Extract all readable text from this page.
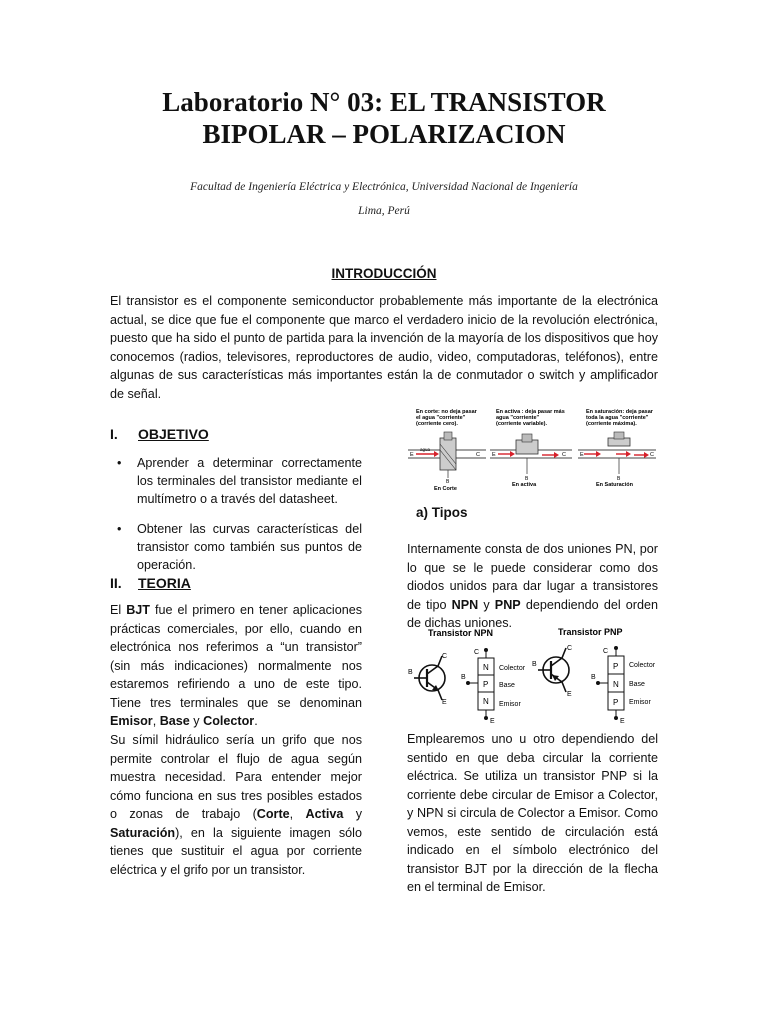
Laboratorio N° 03: EL TRANSISTOR
BIPOLAR – POLARIZACION
Facultad de Ingeniería Eléctrica y Electrónica, Universidad Nacional de Ingeniería
Lima, Perú
INTRODUCCIÓN
El transistor es el componente semiconductor probablemente más importante de la electrónica actual, se dice que fue el componente que marco el verdadero inicio de la revolución electrónica, puesto que ha sido el punto de partida para la invención de la mayoría de los dispositivos que hoy conocemos (radios, televisores, reproductores de audio, video, computadoras, teléfonos), entre algunas de sus características más importantes están la de conmutador o switch y amplificador de señal.
I. OBJETIVO
• Aprender a determinar correctamente los terminales del transistor mediante el multímetro o a través del datasheet.
• Obtener las curvas características del transistor como también sus puntos de operación.
II. TEORIA
El BJT fue el primero en tener aplicaciones prácticas comerciales, por ello, cuando en electrónica nos referimos a “un transistor” (sin más indicaciones) normalmente nos estaremos refiriendo a uno de este tipo. Tiene tres terminales que se denominan Emisor, Base y Colector.
Su símil hidráulico sería un grifo que nos permite controlar el flujo de agua según muestra necesidad. Para entender mejor cómo funciona en sus tres posibles estados o zonas de trabajo (Corte, Activa y Saturación), en la siguiente imagen sólo tienes que sustituir el agua por corriente eléctrica y el grifo por un transistor.
En corte: no deja pasar
el agua "corriente"
(corriente cero).
E
agua
C
B
En Corte
En activa : deja pasar más
agua "corriente"
(corriente variable).
E	C
B
En activa
En saturación: deja pasar
toda la agua "corriente"
(corriente máxima).
E	C
B
En Saturación
a) Tipos
Internamente consta de dos uniones PN, por lo que se le puede considerar como dos diodos unidos para dar lugar a transistores de tipo NPN y PNP dependiendo del orden de dichas uniones.
Transistor NPN
B
C
E
C
N
P
N
B
E
Colector
Base
Emisor
Transistor PNP
B
C
E
C
P
N
P
B
E
Colector
Base
Emisor
Emplearemos uno u otro dependiendo del sentido en que deba circular la corriente eléctrica. Se utiliza un transistor PNP si la corriente debe circular de Emisor a Colector, y NPN si circula de Colector a Emisor. Como vemos, este sentido de circulación está indicado en el símbolo electrónico del transistor BJT por la dirección de la flecha en el terminal de Emisor.
